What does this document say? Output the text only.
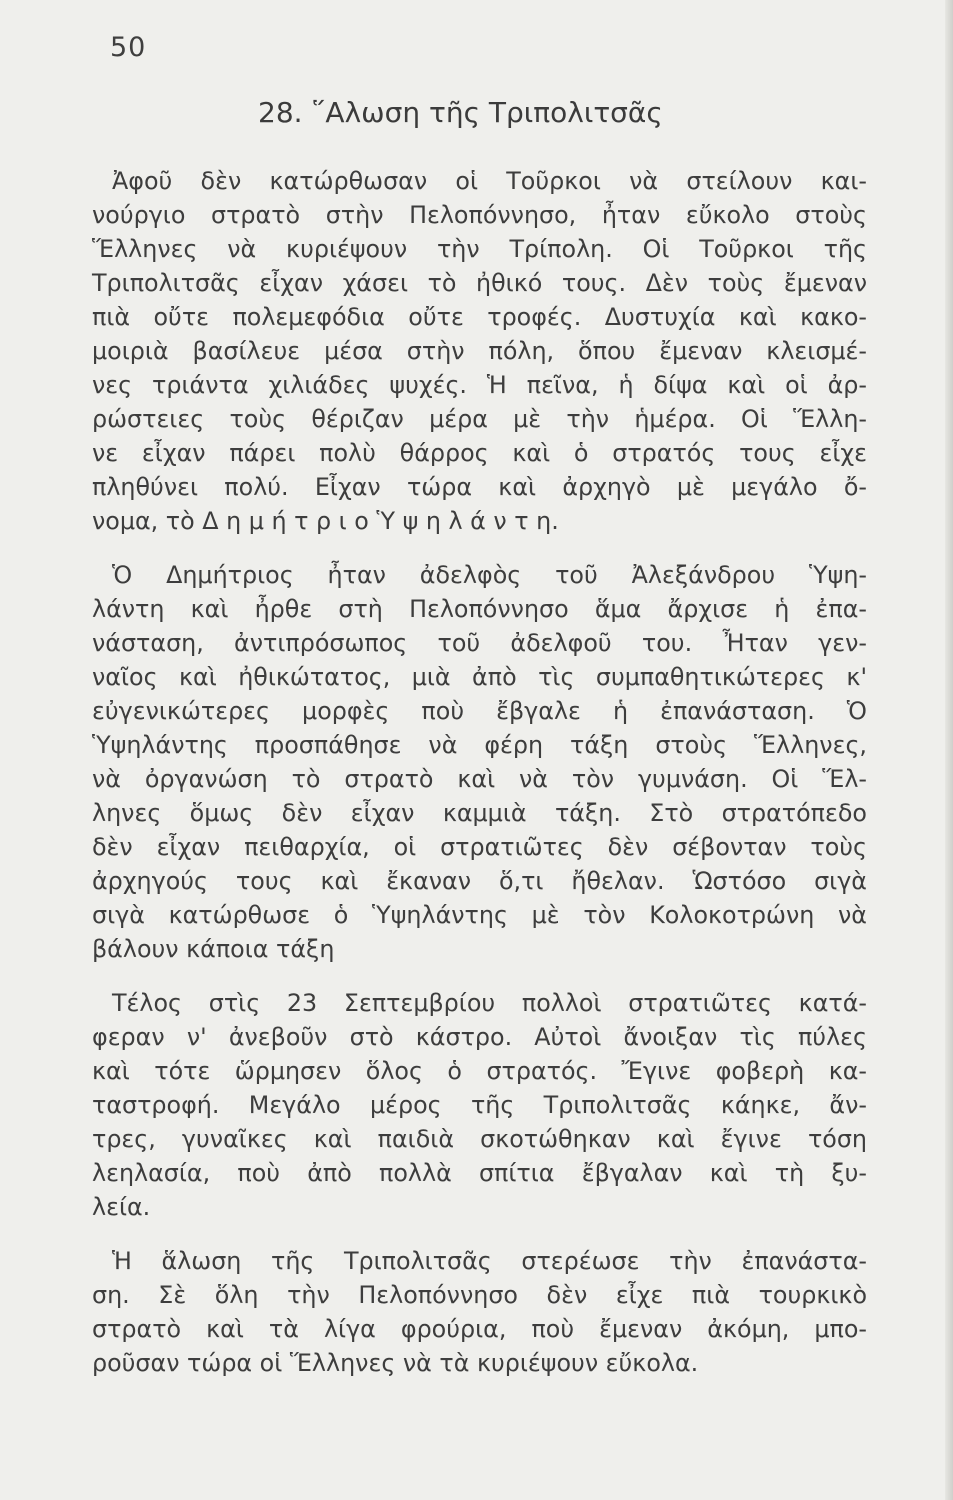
50
28. ῞Αλωση τῆς Τριπολιτσᾶς
Ἀφοῦ δὲν κατώρθωσαν οἱ Τοῦρκοι νὰ στείλουν και-
νούργιο στρατὸ στὴν Πελοπόννησο, ἦταν εὔκολο στοὺς
Ἕλληνες νὰ κυριέψουν τὴν Τρίπολη. Οἱ Τοῦρκοι τῆς
Τριπολιτσᾶς εἶχαν χάσει τὸ ἠθικό τους. Δὲν τοὺς ἔμεναν
πιὰ οὔτε πολεμεφόδια οὔτε τροφές. Δυστυχία καὶ κακο-
μοιριὰ βασίλευε μέσα στὴν πόλη, ὅπου ἔμεναν κλεισμέ-
νες τριάντα χιλιάδες ψυχές. Ἡ πεῖνα, ἡ δίψα καὶ οἱ ἀρ-
ρώστειες τοὺς θέριζαν μέρα μὲ τὴν ἡμέρα. Οἱ Ἕλλη-
νε εἶχαν πάρει πολὺ θάρρος καὶ ὁ στρατός τους εἶχε
πληθύνει πολύ. Εἶχαν τώρα καὶ ἀρχηγὸ μὲ μεγάλο ὄ-
νομα, τὸ Δ η μ ή τ ρ ι ο Ὑ ψ η λ ά ν τ η.
Ὁ Δημήτριος ἦταν ἀδελφὸς τοῦ Ἀλεξάνδρου Ὑψη-
λάντη καὶ ἦρθε στὴ Πελοπόννησο ἅμα ἄρχισε ἡ ἐπα-
νάσταση, ἀντιπρόσωπος τοῦ ἀδελφοῦ του. Ἦταν γεν-
ναῖος καὶ ἠθικώτατος, μιὰ ἀπὸ τὶς συμπαθητικώτερες κ'
εὐγενικώτερες μορφὲς ποὺ ἔβγαλε ἡ ἐπανάσταση. Ὁ
Ὑψηλάντης προσπάθησε νὰ φέρη τάξη στοὺς Ἕλληνες,
νὰ ὀργανώση τὸ στρατὸ καὶ νὰ τὸν γυμνάση. Οἱ Ἕλ-
ληνες ὅμως δὲν εἶχαν καμμιὰ τάξη. Στὸ στρατόπεδο
δὲν εἶχαν πειθαρχία, οἱ στρατιῶτες δὲν σέβονταν τοὺς
ἀρχηγούς τους καὶ ἔκαναν ὅ,τι ἤθελαν. Ὡστόσο σιγὰ
σιγὰ κατώρθωσε ὁ Ὑψηλάντης μὲ τὸν Κολοκοτρώνη νὰ
βάλουν κάποια τάξη
Τέλος στὶς 23 Σεπτεμβρίου πολλοὶ στρατιῶτες κατά-
φεραν ν' ἀνεβοῦν στὸ κάστρο. Αὐτοὶ ἄνοιξαν τὶς πύλες
καὶ τότε ὥρμησεν ὅλος ὁ στρατός. Ἔγινε φοβερὴ κα-
ταστροφή. Μεγάλο μέρος τῆς Τριπολιτσᾶς κάηκε, ἄν-
τρες, γυναῖκες καὶ παιδιὰ σκοτώθηκαν καὶ ἔγινε τόση
λεηλασία, ποὺ ἀπὸ πολλὰ σπίτια ἔβγαλαν καὶ τὴ ξυ-
λεία.
Ἡ ἅλωση τῆς Τριπολιτσᾶς στερέωσε τὴν ἐπανάστα-
ση. Σὲ ὅλη τὴν Πελοπόννησο δὲν εἶχε πιὰ τουρκικὸ
στρατὸ καὶ τὰ λίγα φρούρια, ποὺ ἔμεναν ἀκόμη, μπο-
ροῦσαν τώρα οἱ Ἕλληνες νὰ τὰ κυριέψουν εὔκολα.
